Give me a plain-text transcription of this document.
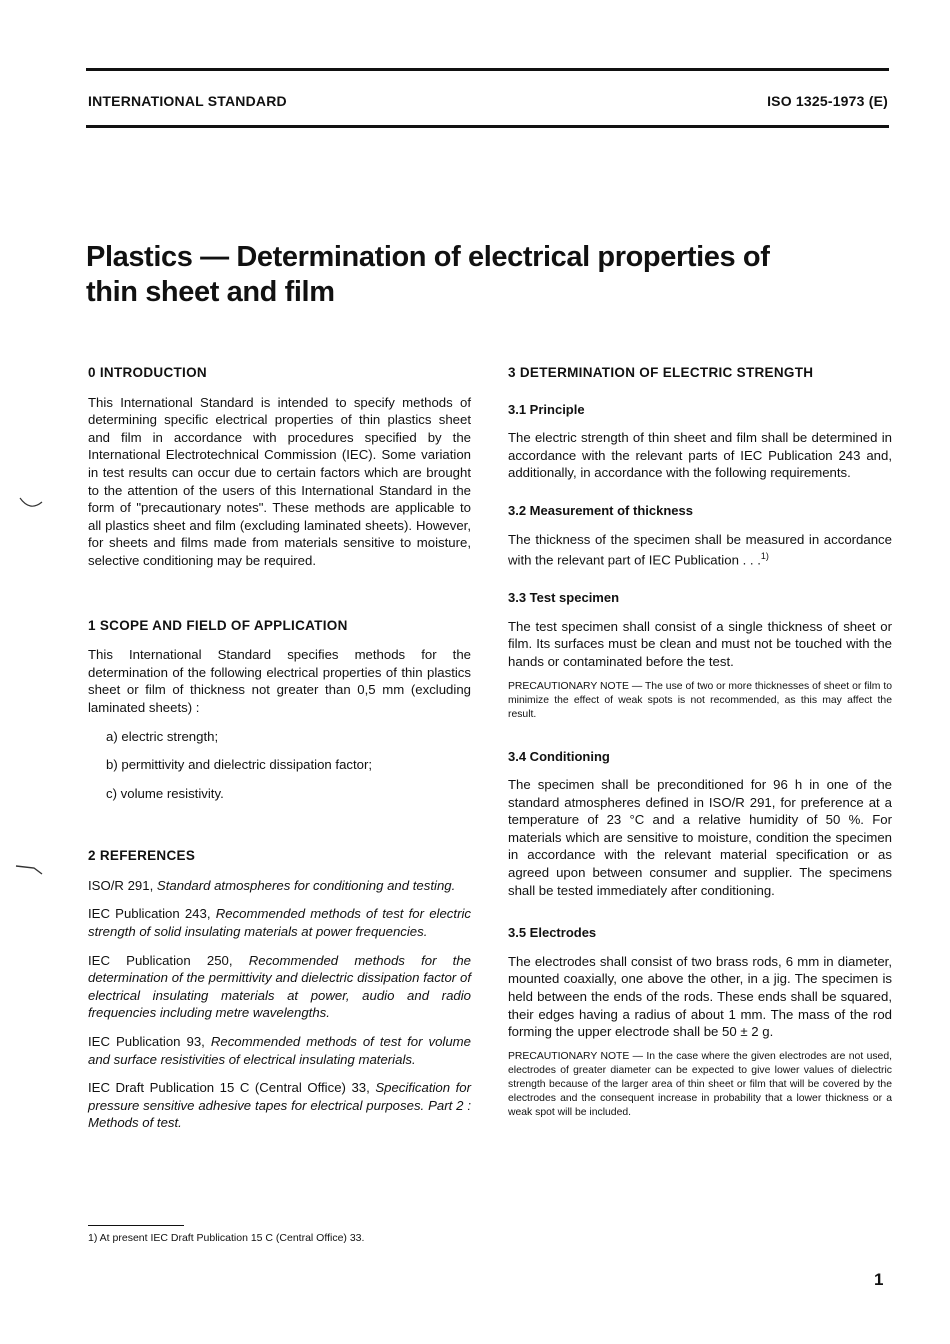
INTERNATIONAL STANDARD	ISO 1325-1973 (E)
Plastics — Determination of electrical properties of
thin sheet and film
0 INTRODUCTION

This International Standard is intended to specify methods of determining specific electrical properties of thin plastics sheet and film in accordance with procedures specified by the International Electrotechnical Commission (IEC). Some variation in test results can occur due to certain factors which are brought to the attention of the users of this International Standard in the form of "precautionary notes". These methods are applicable to all plastics sheet and film (excluding laminated sheets). However, for sheets and films made from materials sensitive to moisture, selective conditioning may be required.

1 SCOPE AND FIELD OF APPLICATION

This International Standard specifies methods for the determination of the following electrical properties of thin plastics sheet or film of thickness not greater than 0,5 mm (excluding laminated sheets) :

a) electric strength;
b) permittivity and dielectric dissipation factor;
c) volume resistivity.
2 REFERENCES

ISO/R 291, Standard atmospheres for conditioning and testing.

IEC Publication 243, Recommended methods of test for electric strength of solid insulating materials at power frequencies.

IEC Publication 250, Recommended methods for the determination of the permittivity and dielectric dissipation factor of electrical insulating materials at power, audio and radio frequencies including metre wavelengths.

IEC Publication 93, Recommended methods of test for volume and surface resistivities of electrical insulating materials.

IEC Draft Publication 15 C (Central Office) 33, Specification for pressure sensitive adhesive tapes for electrical purposes. Part 2 : Methods of test.

3 DETERMINATION OF ELECTRIC STRENGTH
3.1 Principle

The electric strength of thin sheet and film shall be determined in accordance with the relevant parts of IEC Publication 243 and, additionally, in accordance with the following requirements.

3.2 Measurement of thickness

The thickness of the specimen shall be measured in accordance with the relevant part of IEC Publication . . .$^{1)}$

3.3 Test specimen

The test specimen shall consist of a single thickness of sheet or film. Its surfaces must be clean and must not be touched with the hands or contaminated before the test.

PRECAUTIONARY NOTE — The use of two or more thicknesses of sheet or film to minimize the effect of weak spots is not recommended, as this may affect the result.

3.4 Conditioning

The specimen shall be preconditioned for 96 h in one of the standard atmospheres defined in ISO/R 291, for preference at a temperature of 23 °C and a relative humidity of 50 %. For materials which are sensitive to moisture, condition the specimen in accordance with the relevant material specification or as agreed upon between consumer and supplier. The specimens shall be tested immediately after conditioning.

3.5 Electrodes

The electrodes shall consist of two brass rods, 6 mm in diameter, mounted coaxially, one above the other, in a jig. The specimen is held between the ends of the rods. These ends shall be squared, their edges having a radius of about 1 mm. The mass of the rod forming the upper electrode shall be 50 ± 2 g.

PRECAUTIONARY NOTE — In the case where the given electrodes are not used, electrodes of greater diameter can be expected to give lower values of dielectric strength because of the larger area of thin sheet or film that will be covered by the electrodes and the consequent increase in probability that a lower thickness or a weak spot will be included.

1) At present IEC Draft Publication 15 C (Central Office) 33.
1
